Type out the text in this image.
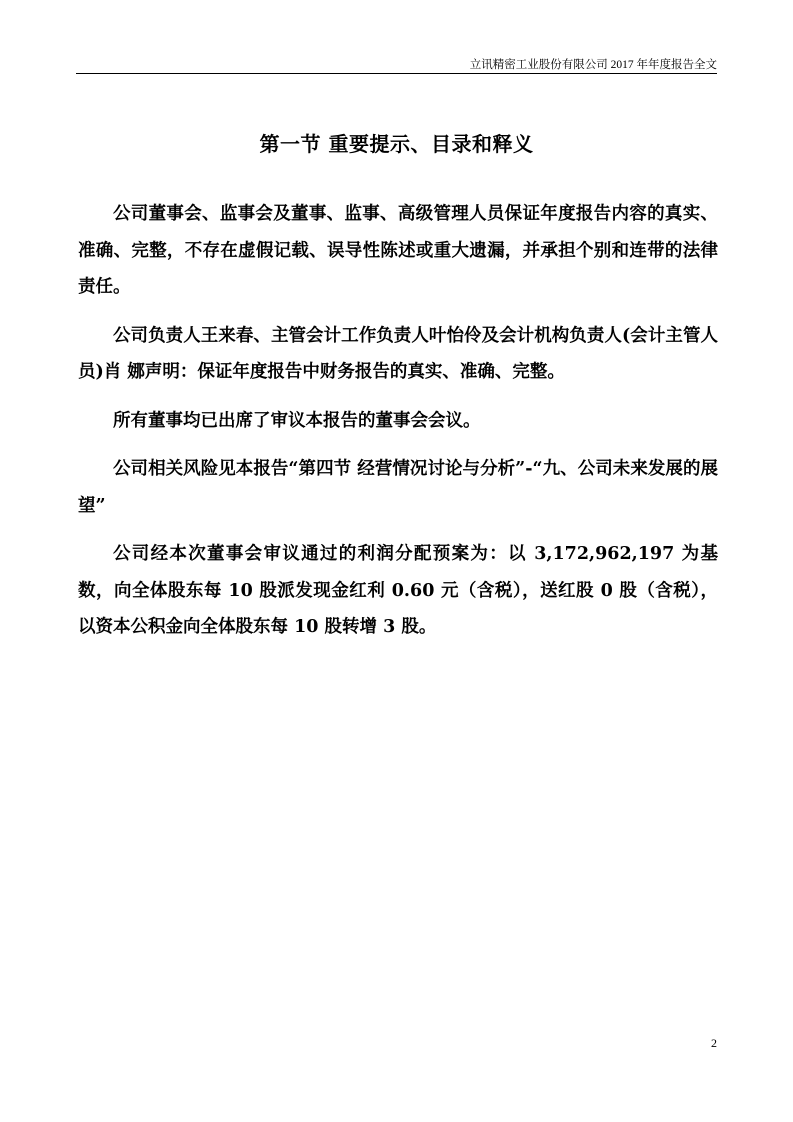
立讯精密工业股份有限公司 2017 年年度报告全文
第一节 重要提示、目录和释义

公司董事会、监事会及董事、监事、高级管理人员保证年度报告内容的真实、准确、完整，不存在虚假记载、误导性陈述或重大遗漏，并承担个别和连带的法律责任。

公司负责人王来春、主管会计工作负责人叶怡伶及会计机构负责人(会计主管人员)肖 娜声明：保证年度报告中财务报告的真实、准确、完整。

所有董事均已出席了审议本报告的董事会会议。

公司相关风险见本报告“第四节 经营情况讨论与分析”-“九、公司未来发展的展望”

公司经本次董事会审议通过的利润分配预案为：以 3,172,962,197 为基数，向全体股东每 10 股派发现金红利 0.60 元（含税），送红股 0 股（含税），以资本公积金向全体股东每 10 股转增 3 股。

2
